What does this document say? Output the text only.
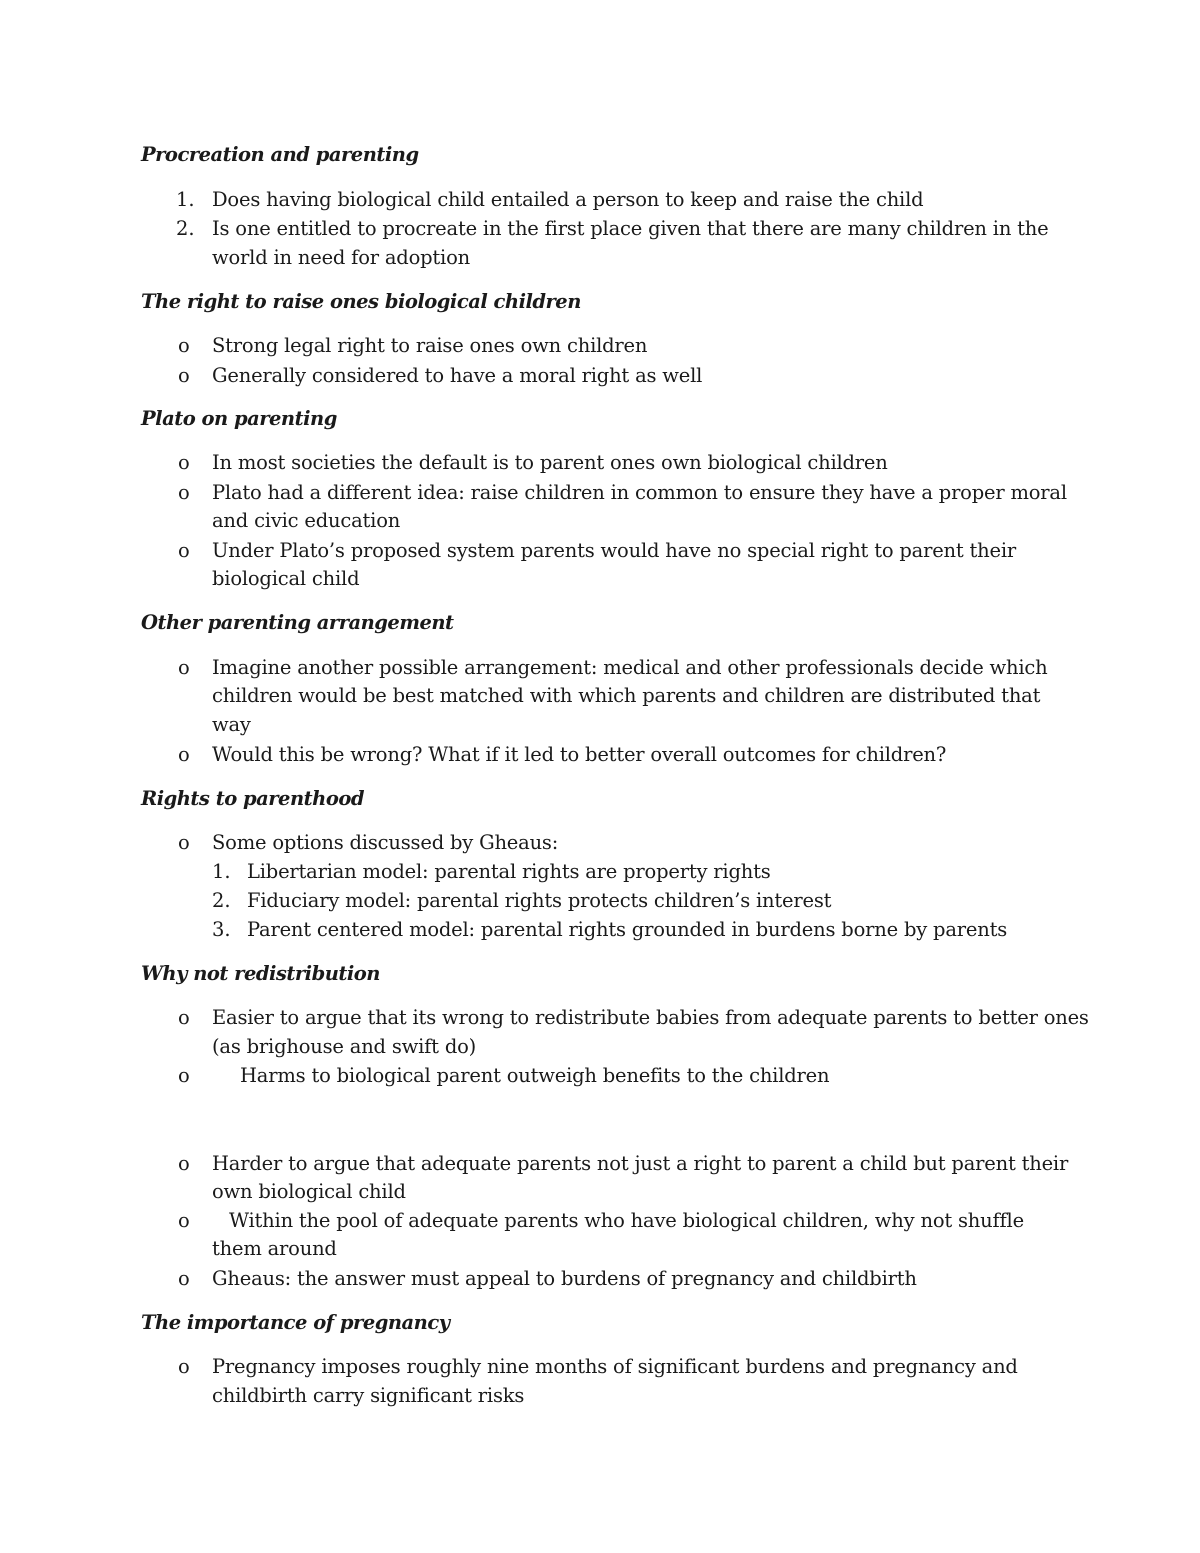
Procreation and parenting
1. Does having biological child entailed a person to keep and raise the child
2. Is one entitled to procreate in the first place given that there are many children in the
world in need for adoption
The right to raise ones biological children
o Strong legal right to raise ones own children
o Generally considered to have a moral right as well
Plato on parenting
o In most societies the default is to parent ones own biological children
o Plato had a different idea: raise children in common to ensure they have a proper moral
and civic education
o Under Plato’s proposed system parents would have no special right to parent their
biological child
Other parenting arrangement
o Imagine another possible arrangement: medical and other professionals decide which
children would be best matched with which parents and children are distributed that
way
o Would this be wrong? What if it led to better overall outcomes for children?
Rights to parenthood
o Some options discussed by Gheaus:
1. Libertarian model: parental rights are property rights
2. Fiduciary model: parental rights protects children’s interest
3. Parent centered model: parental rights grounded in burdens borne by parents
Why not redistribution
o Easier to argue that its wrong to redistribute babies from adequate parents to better ones
(as brighouse and swift do)
o	Harms to biological parent outweigh benefits to the children
o Harder to argue that adequate parents not just a right to parent a child but parent their
own biological child
o Within the pool of adequate parents who have biological children, why not shuffle
them around
o Gheaus: the answer must appeal to burdens of pregnancy and childbirth
The importance of pregnancy
o Pregnancy imposes roughly nine months of significant burdens and pregnancy and
childbirth carry significant risks
